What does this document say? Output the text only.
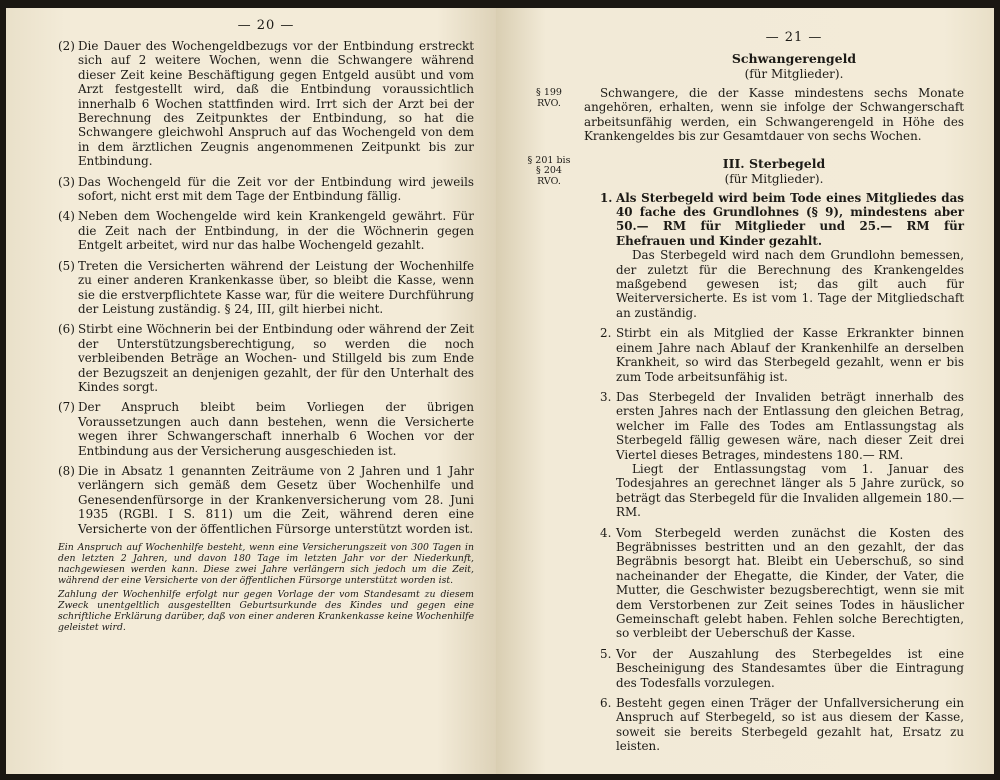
— 20 —
(2) Die Dauer des Wochengeldbezugs vor der Entbindung erstreckt sich auf 2 weitere Wochen, wenn die Schwangere während dieser Zeit keine Beschäftigung gegen Entgeld ausübt und vom Arzt festgestellt wird, daß die Entbindung voraussichtlich innerhalb 6 Wochen stattfinden wird. Irrt sich der Arzt bei der Berechnung des Zeitpunktes der Entbindung, so hat die Schwangere gleichwohl Anspruch auf das Wochengeld von dem in dem ärztlichen Zeugnis angenommenen Zeitpunkt bis zur Entbindung.
(3) Das Wochengeld für die Zeit vor der Entbindung wird jeweils sofort, nicht erst mit dem Tage der Entbindung fällig.
(4) Neben dem Wochengelde wird kein Krankengeld gewährt. Für die Zeit nach der Entbindung, in der die Wöchnerin gegen Entgelt arbeitet, wird nur das halbe Wochengeld gezahlt.
(5) Treten die Versicherten während der Leistung der Wochenhilfe zu einer anderen Krankenkasse über, so bleibt die Kasse, wenn sie die erstverpflichtete Kasse war, für die weitere Durchführung der Leistung zuständig. § 24, III, gilt hierbei nicht.
(6) Stirbt eine Wöchnerin bei der Entbindung oder während der Zeit der Unterstützungsberechtigung, so werden die noch verbleibenden Beträge an Wochen- und Stillgeld bis zum Ende der Bezugszeit an denjenigen gezahlt, der für den Unterhalt des Kindes sorgt.
(7) Der Anspruch bleibt beim Vorliegen der übrigen Voraussetzungen auch dann bestehen, wenn die Versicherte wegen ihrer Schwangerschaft innerhalb 6 Wochen vor der Entbindung aus der Versicherung ausgeschieden ist.
(8) Die in Absatz 1 genannten Zeiträume von 2 Jahren und 1 Jahr verlängern sich gemäß dem Gesetz über Wochenhilfe und Genesendenfürsorge in der Krankenversicherung vom 28. Juni 1935 (RGBl. I S. 811) um die Zeit, während deren eine Versicherte von der öffentlichen Fürsorge unterstützt worden ist.

Ein Anspruch auf Wochenhilfe besteht, wenn eine Versicherungszeit von 300 Tagen in den letzten 2 Jahren, und davon 180 Tage im letzten Jahr vor der Niederkunft, nachgewiesen werden kann. Diese zwei Jahre verlängern sich jedoch um die Zeit, während der eine Versicherte von der öffentlichen Fürsorge unterstützt worden ist.

Zahlung der Wochenhilfe erfolgt nur gegen Vorlage der vom Standesamt zu diesem Zweck unentgeltlich ausgestellten Geburtsurkunde des Kindes und gegen eine schriftliche Erklärung darüber, daß von einer anderen Krankenkasse keine Wochenhilfe geleistet wird.

— 21 —
Schwangerengeld
(für Mitglieder).
§ 199
RVO.
Schwangere, die der Kasse mindestens sechs Monate angehören, erhalten, wenn sie infolge der Schwangerschaft arbeitsunfähig werden, ein Schwangerengeld in Höhe des Krankengeldes bis zur Gesamtdauer von sechs Wochen.
§ 201 bis
§ 204
RVO.
III. Sterbegeld
(für Mitglieder).
1. Als Sterbegeld wird beim Tode eines Mitgliedes das 40 fache des Grundlohnes (§ 9), mindestens aber 50.— RM für Mitglieder und 25.— RM für Ehefrauen und Kinder gezahlt.
Das Sterbegeld wird nach dem Grundlohn bemessen, der zuletzt für die Berechnung des Krankengeldes maßgebend gewesen ist; das gilt auch für Weiterversicherte. Es ist vom 1. Tage der Mitgliedschaft an zuständig.
2. Stirbt ein als Mitglied der Kasse Erkrankter binnen einem Jahre nach Ablauf der Krankenhilfe an derselben Krankheit, so wird das Sterbegeld gezahlt, wenn er bis zum Tode arbeitsunfähig ist.
3. Das Sterbegeld der Invaliden beträgt innerhalb des ersten Jahres nach der Entlassung den gleichen Betrag, welcher im Falle des Todes am Entlassungstag als Sterbegeld fällig gewesen wäre, nach dieser Zeit drei Viertel dieses Betrages, mindestens 180.— RM.
Liegt der Entlassungstag vom 1. Januar des Todesjahres an gerechnet länger als 5 Jahre zurück, so beträgt das Sterbegeld für die Invaliden allgemein 180.— RM.
4. Vom Sterbegeld werden zunächst die Kosten des Begräbnisses bestritten und an den gezahlt, der das Begräbnis besorgt hat. Bleibt ein Ueberschuß, so sind nacheinander der Ehegatte, die Kinder, der Vater, die Mutter, die Geschwister bezugsberechtigt, wenn sie mit dem Verstorbenen zur Zeit seines Todes in häuslicher Gemeinschaft gelebt haben. Fehlen solche Berechtigten, so verbleibt der Ueberschuß der Kasse.
5. Vor der Auszahlung des Sterbegeldes ist eine Bescheinigung des Standesamtes über die Eintragung des Todesfalls vorzulegen.
6. Besteht gegen einen Träger der Unfallversicherung ein Anspruch auf Sterbegeld, so ist aus diesem der Kasse, soweit sie bereits Sterbegeld gezahlt hat, Ersatz zu leisten.
